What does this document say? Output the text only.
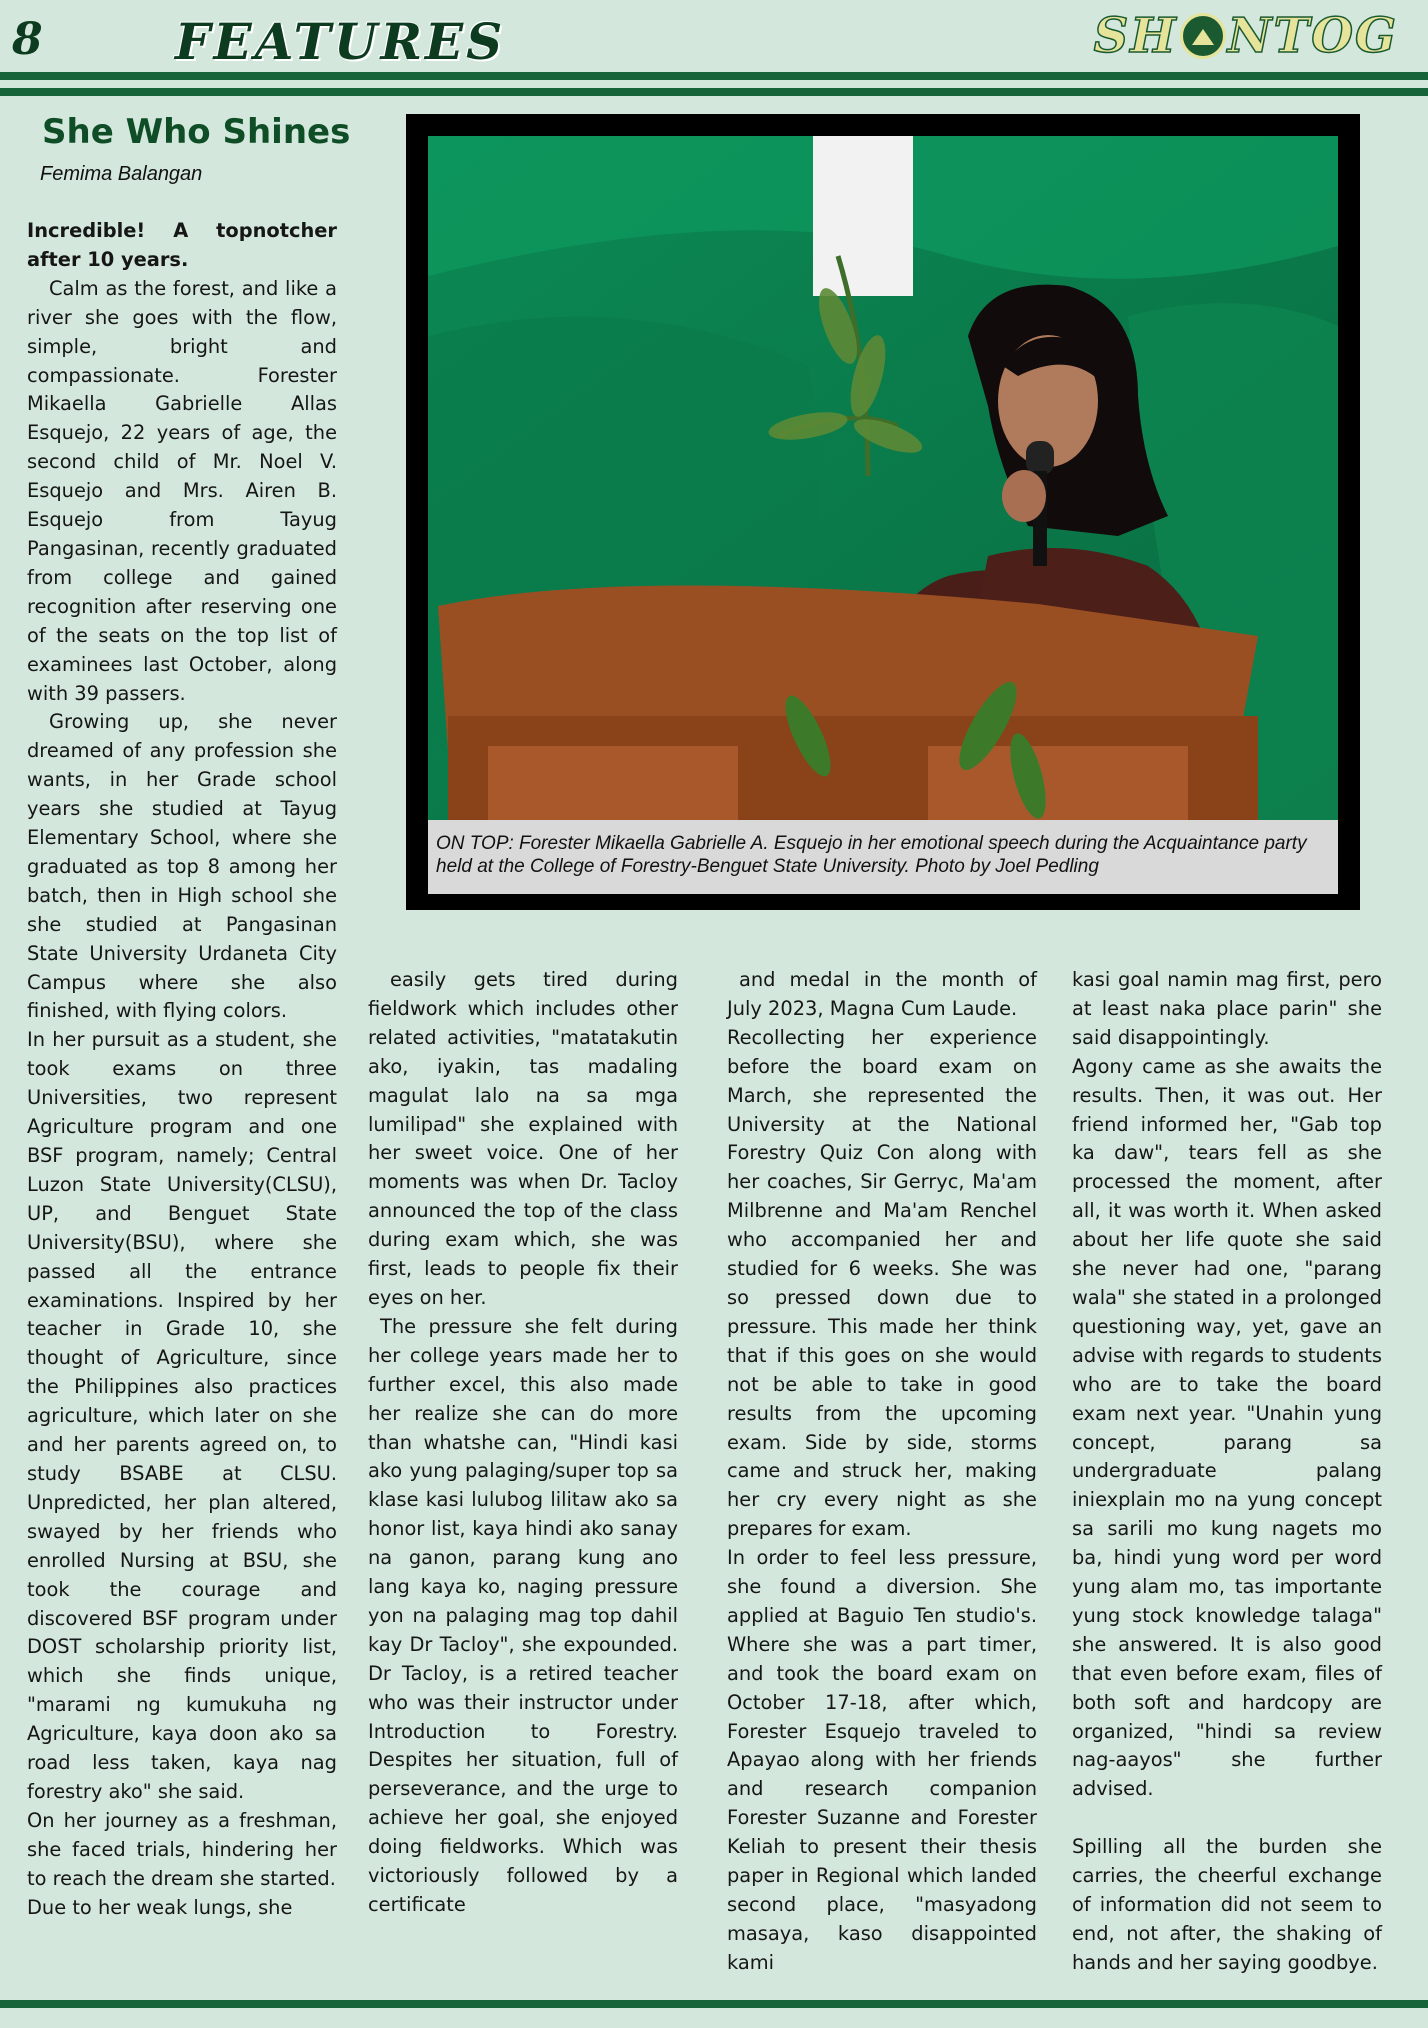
8	FEATURES	SH NTOG
She Who Shines
Femima Balangan
ON TOP: Forester Mikaella Gabrielle A. Esquejo in her emotional speech during the Acquaintance party held at the College of Forestry-Benguet State University. Photo by Joel Pedling

Incredible! A topnotcher after 10 years.

Calm as the forest, and like a river she goes with the flow, simple, bright and compassionate. Forester Mikaella Gabrielle Allas Esquejo, 22 years of age, the second child of Mr. Noel V. Esquejo and Mrs. Airen B. Esquejo from Tayug Pangasinan, recently graduated from college and gained recognition after reserving one of the seats on the top list of examinees last October, along with 39 passers.

Growing up, she never dreamed of any profession she wants, in her Grade school years she studied at Tayug Elementary School, where she graduated as top 8 among her batch, then in High school she she studied at Pangasinan State University Urdaneta City Campus where she also finished, with flying colors.

In her pursuit as a student, she took exams on three Universities, two represent Agriculture program and one BSF program, namely; Central Luzon State University(CLSU), UP, and Benguet State University(BSU), where she passed all the entrance examinations. Inspired by her teacher in Grade 10, she thought of Agriculture, since the Philippines also practices agriculture, which later on she and her parents agreed on, to study BSABE at CLSU. Unpredicted, her plan altered, swayed by her friends who enrolled Nursing at BSU, she took the courage and discovered BSF program under DOST scholarship priority list, which she finds unique, "marami ng kumukuha ng Agriculture, kaya doon ako sa road less taken, kaya nag forestry ako" she said.

On her journey as a freshman, she faced trials, hindering her to reach the dream she started.

Due to her weak lungs, she

easily gets tired during fieldwork which includes other related activities, "matatakutin ako, iyakin, tas madaling magulat lalo na sa mga lumilipad" she explained with her sweet voice. One of her moments was when Dr. Tacloy announced the top of the class during exam which, she was first, leads to people fix their eyes on her.

The pressure she felt during her college years made her to further excel, this also made her realize she can do more than whatshe can, "Hindi kasi ako yung palaging/super top sa klase kasi lulubog lilitaw ako sa honor list, kaya hindi ako sanay na ganon, parang kung ano lang kaya ko, naging pressure yon na palaging mag top dahil kay Dr Tacloy", she expounded. Dr Tacloy, is a retired teacher who was their instructor under Introduction to Forestry. Despites her situation, full of perseverance, and the urge to achieve her goal, she enjoyed doing fieldworks. Which was victoriously followed by a certificate

and medal in the month of July 2023, Magna Cum Laude.

Recollecting her experience before the board exam on March, she represented the University at the National Forestry Quiz Con along with her coaches, Sir Gerryc, Ma'am Milbrenne and Ma'am Renchel who accompanied her and studied for 6 weeks. She was so pressed down due to pressure. This made her think that if this goes on she would not be able to take in good results from the upcoming exam. Side by side, storms came and struck her, making her cry every night as she prepares for exam.

In order to feel less pressure, she found a diversion. She applied at Baguio Ten studio's. Where she was a part timer, and took the board exam on October 17-18, after which, Forester Esquejo traveled to Apayao along with her friends and research companion Forester Suzanne and Forester Keliah to present their thesis paper in Regional which landed second place, "masyadong masaya, kaso disappointed kami

kasi goal namin mag first, pero at least naka place parin" she said disappointingly.

Agony came as she awaits the results. Then, it was out. Her friend informed her, "Gab top ka daw", tears fell as she processed the moment, after all, it was worth it. When asked about her life quote she said she never had one, "parang wala" she stated in a prolonged questioning way, yet, gave an advise with regards to students who are to take the board exam next year. "Unahin yung concept, parang sa undergraduate palang iniexplain mo na yung concept sa sarili mo kung nagets mo ba, hindi yung word per word yung alam mo, tas importante yung stock knowledge talaga" she answered. It is also good that even before exam, files of both soft and hardcopy are organized, "hindi sa review nag-aayos" she further advised.

Spilling all the burden she carries, the cheerful exchange of information did not seem to end, not after, the shaking of hands and her saying goodbye.
